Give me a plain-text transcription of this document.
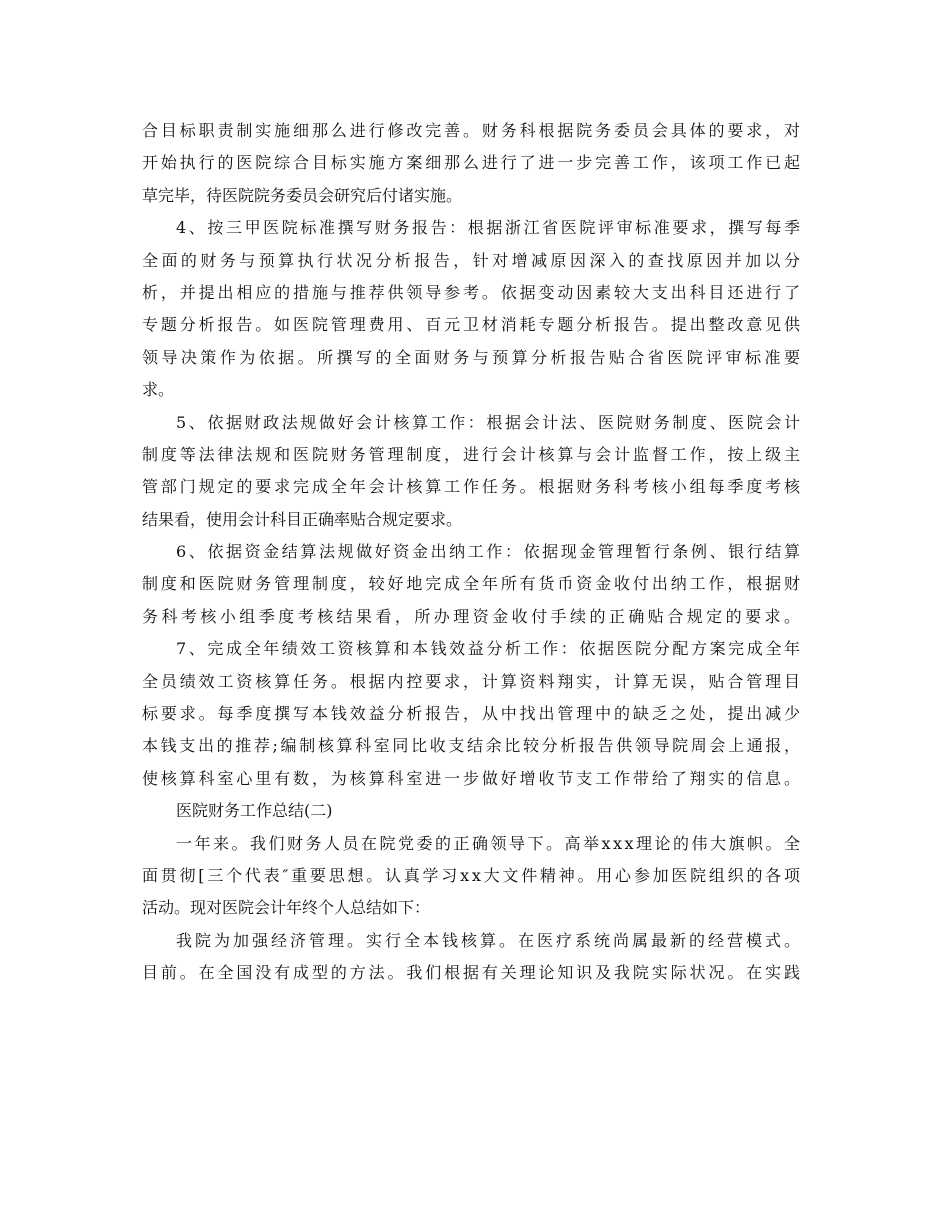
合目标职责制实施细那么进行修改完善。财务科根据院务委员会具体的要求，对
开始执行的医院综合目标实施方案细那么进行了进一步完善工作，该项工作已起
草完毕，待医院院务委员会研究后付诸实施。
4、按三甲医院标准撰写财务报告：根据浙江省医院评审标准要求，撰写每季
全面的财务与预算执行状况分析报告，针对增减原因深入的查找原因并加以分
析，并提出相应的措施与推荐供领导参考。依据变动因素较大支出科目还进行了
专题分析报告。如医院管理费用、百元卫材消耗专题分析报告。提出整改意见供
领导决策作为依据。所撰写的全面财务与预算分析报告贴合省医院评审标准要
求。
5、依据财政法规做好会计核算工作：根据会计法、医院财务制度、医院会计
制度等法律法规和医院财务管理制度，进行会计核算与会计监督工作，按上级主
管部门规定的要求完成全年会计核算工作任务。根据财务科考核小组每季度考核
结果看，使用会计科目正确率贴合规定要求。
6、依据资金结算法规做好资金出纳工作：依据现金管理暂行条例、银行结算
制度和医院财务管理制度，较好地完成全年所有货币资金收付出纳工作，根据财
务科考核小组季度考核结果看，所办理资金收付手续的正确贴合规定的要求。
7、完成全年绩效工资核算和本钱效益分析工作：依据医院分配方案完成全年
全员绩效工资核算任务。根据内控要求，计算资料翔实，计算无误，贴合管理目
标要求。每季度撰写本钱效益分析报告，从中找出管理中的缺乏之处，提出减少
本钱支出的推荐;编制核算科室同比收支结余比较分析报告供领导院周会上通报，
使核算科室心里有数，为核算科室进一步做好增收节支工作带给了翔实的信息。
医院财务工作总结(二)
一年来。我们财务人员在院党委的正确领导下。高举xxx理论的伟大旗帜。全
面贯彻[三个代表″重要思想。认真学习xx大文件精神。用心参加医院组织的各项
活动。现对医院会计年终个人总结如下：
我院为加强经济管理。实行全本钱核算。在医疗系统尚属最新的经营模式。
目前。在全国没有成型的方法。我们根据有关理论知识及我院实际状况。在实践
